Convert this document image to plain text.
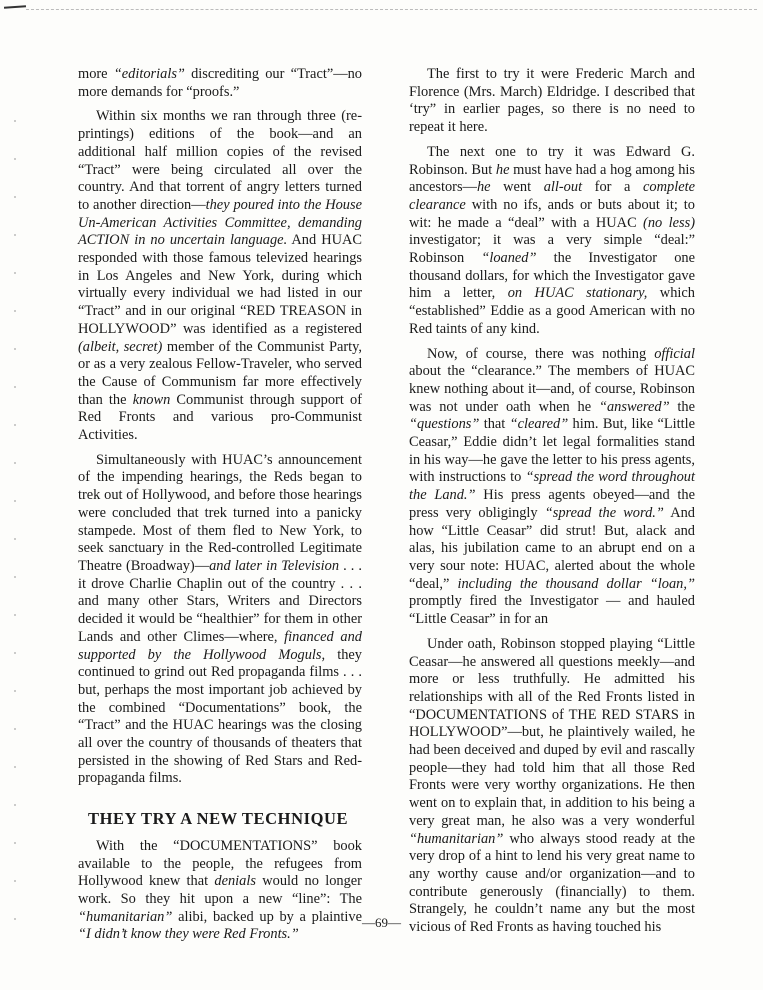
more “editorials” discrediting our “Tract”—no more demands for “proofs.”

Within six months we ran through three (re-printings) editions of the book—and an additional half million copies of the revised “Tract” were being circulated all over the country. And that torrent of angry letters turned to another direction—they poured into the House Un-American Activities Committee, demanding ACTION in no uncertain language. And HUAC responded with those famous televized hearings in Los Angeles and New York, during which virtually every individual we had listed in our “Tract” and in our original “RED TREASON in HOLLYWOOD” was identified as a registered (albeit, secret) member of the Communist Party, or as a very zealous Fellow-Traveler, who served the Cause of Communism far more effectively than the known Communist through support of Red Fronts and various pro-Communist Activities.

Simultaneously with HUAC’s announcement of the impending hearings, the Reds began to trek out of Hollywood, and before those hearings were concluded that trek turned into a panicky stampede. Most of them fled to New York, to seek sanctuary in the Red-controlled Legitimate Theatre (Broadway)—and later in Television . . . it drove Charlie Chaplin out of the country . . . and many other Stars, Writers and Directors decided it would be “healthier” for them in other Lands and other Climes—where, financed and supported by the Hollywood Moguls, they continued to grind out Red propaganda films . . . but, perhaps the most important job achieved by the combined “Documentations” book, the “Tract” and the HUAC hearings was the closing all over the country of thousands of theaters that persisted in the showing of Red Stars and Red-propaganda films.

THEY TRY A NEW TECHNIQUE

With the “DOCUMENTATIONS” book available to the people, the refugees from Hollywood knew that denials would no longer work. So they hit upon a new “line”: The “humanitarian” alibi, backed up by a plaintive “I didn’t know they were Red Fronts.”

The first to try it were Frederic March and Florence (Mrs. March) Eldridge. I described that ‘try” in earlier pages, so there is no need to repeat it here.

The next one to try it was Edward G. Robinson. But he must have had a hog among his ancestors—he went all-out for a complete clearance with no ifs, ands or buts about it; to wit: he made a “deal” with a HUAC (no less) investigator; it was a very simple “deal:” Robinson “loaned” the Investigator one thousand dollars, for which the Investigator gave him a letter, on HUAC stationary, which “established” Eddie as a good American with no Red taints of any kind.

Now, of course, there was nothing official about the “clearance.” The members of HUAC knew nothing about it—and, of course, Robinson was not under oath when he “answered” the “questions” that “cleared” him. But, like “Little Ceasar,” Eddie didn’t let legal formalities stand in his way—he gave the letter to his press agents, with instructions to “spread the word throughout the Land.” His press agents obeyed—and the press very obligingly “spread the word.” And how “Little Ceasar” did strut! But, alack and alas, his jubilation came to an abrupt end on a very sour note: HUAC, alerted about the whole “deal,” including the thousand dollar “loan,” promptly fired the Investigator — and hauled “Little Ceasar” in for an

Under oath, Robinson stopped playing “Little Ceasar—he answered all questions meekly—and more or less truthfully. He admitted his relationships with all of the Red Fronts listed in “DOCUMENTATIONS of THE RED STARS in HOLLYWOOD”—but, he plaintively wailed, he had been deceived and duped by evil and rascally people—they had told him that all those Red Fronts were very worthy organizations. He then went on to explain that, in addition to his being a very great man, he also was a very wonderful “humanitarian” who always stood ready at the very drop of a hint to lend his very great name to any worthy cause and/or organization—and to contribute generously (financially) to them. Strangely, he couldn’t name any but the most vicious of Red Fronts as having touched his

—69—
